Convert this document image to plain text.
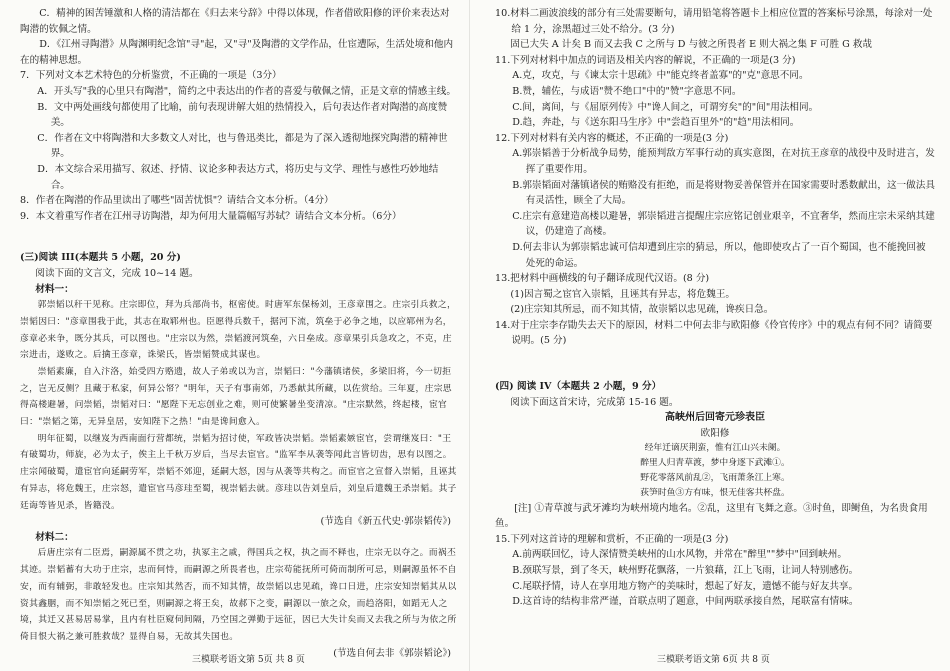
C．精神的困苦锤激和人格的清洁都在《归去来兮辞》中得以体现，作者借欧阳修的评价来表达对陶潜的钦佩之情。

D．《江州寻陶潜》从陶渊明纪念馆"寻"起，又"寻"及陶潜的文学作品，仕宦遭际，生活处境和他内在的精神思想。

7．下列对文本艺术特色的分析鉴赏，不正确的一项是（3分）

A．开头写"我的心里只有陶潜"，简约之中表达出的作者的喜爱与敬佩之情，正是文章的情感主线。

B．文中两处画线句都使用了比喻，前句表现讲解大姐的热情投入，后句表达作者对陶潜的高度赞美。

C．作者在文中将陶潜和大多数文人对比，也与鲁迅类比，都是为了深入透彻地探究陶潜的精神世界。

D．本文综合采用描写、叙述、抒情、议论多种表达方式，将历史与文学、理性与感性巧妙地结合。

8．作者在陶潜的作品里读出了哪些"固苦忧惧"？请结合文本分析。（4分）

9．本文着重写作者在江州寻访陶潜，却为何用大量篇幅写苏轼？请结合文本分析。（6分）

(三)阅读 III(本题共 5 小题，20 分)

阅读下面的文言文，完成 10~14 题。

材料一：

郭崇韬以秆干见称。庄宗即位，拜为兵部尚书，枢密使。时唐军东保杨刘，王彦章围之。庄宗引兵救之，崇韬因曰："彦章围我于此，其志在取郓州也。臣愿得兵数千，据河下流，筑垒于必争之地，以应郓州为名，彦章必来争，既分其兵，可以图也。"庄宗以为然，崇韬渡河筑垒，六日垒成。彦章果引兵急攻之，不克，庄宗进击，遂败之。后擒王彦章，诛梁氏，皆崇韬赞成其谋也。

崇韬素廉，自入汴洛，始受四方赂遗，故人子弟或以为言，崇韬曰："今藩镇诸侯，多梁旧将，今一切拒之，岂无反侧？且藏于私家，何异公帑？"明年，天子有事南郊，乃悉献其所藏，以佐赏给。三年夏，庄宗思得高楼避暑，问崇韬，崇韬对曰："愿陛下无忘创业之难，则可使繁暑坐变清凉。"庄宗默然，终起楼，宦官曰："崇韬之第，无异皇居，安知陛下之热！"由是谗间愈入。

明年征蜀，以继岌为西南面行营都统，崇韬为招讨使，军政皆决崇韬。崇韬素嫉宦官，尝谓继岌曰："王有破蜀功，师旋，必为太子，俟主上千秋万岁后，当尽去宦官。"监军李从袭等闻此言皆切齿，思有以图之。庄宗闻破蜀，遣宦官向延嗣劳军，崇韬不郊迎，延嗣大怒，因与从袭等共构之。而宦官之宣督入崇韬，且诬其有异志，将危魏王，庄宗怒，遣宦官马彦珪至蜀，视崇韬去就。彦珪以告刘皇后，刘皇后遣魏王杀崇韬。其子廷诲等皆见杀，皆籍没。

(节选自《新五代史·郭崇韬传》)

材料二：

后唐庄宗有二臣焉，嗣源属不贯之功，执冢主之戚，得国兵之权，执之而不释也，庄宗无以夺之。而祸丕其迹。崇韬蓄有大功于庄宗，忠而何恃，而嗣源之所畏者也，庄宗苟能抚所可倚而制所可忌，则嗣源虽怀不自安，而有辅弼，非敢轻发也。庄宗知其然否，而不知其情，故崇韬以忠见疏，谗口日进，庄宗安知崇韬其从以资其鑫胭，而不知崇韬之死已至，则嗣源之将王矣，故郝下之变，嗣源以一旅之众，而趋洛阳，如蹈无人之境，其迁又甚易居易掌，且内有杜臣窥伺间隔，乃空国之弹勤于远征，因已大失计矣而又去我之所与为依之所倚目恨大祸之兼可胜救哉？显得自易，无故其失国也。

(节选自何去非《郭崇韬论》)

三模联考语文第 5页 共 8 页

10.材料二画波浪线的部分有三处需要断句，请用铅笔将答题卡上相应位置的答案标号涂黑，每涂对一处给 1 分，涂黑超过三处不给分。(3 分)

固已大失 A 计矣 B 而又去我 C 之所与 D 与彼之所畏者 E 则大祸之集 F 可胜 G 救哉

11.下列对材料中加点的词语及相关内容的解说，不正确的一项是(3 分)

A.克，攻克，与《谏太宗十思疏》中"能克终者盖寡"的"克"意思不同。

B.赞，辅佐，与成语"赞不绝口"中的"赞"字意思不同。

C.间，离间，与《屈原列传》中"谗人间之，可谓穷矣"的"间"用法相同。

D.趋，奔赴，与《送东阳马生序》中"尝趋百里外"的"趋"用法相同。

12.下列对材料有关内容的概述，不正确的一项是(3 分)

A.郭崇韬善于分析战争局势，能预判敌方军事行动的真实意图，在对抗王彦章的战役中及时进言，发挥了重要作用。

B.郭崇韬面对藩镇诸侯的贿赂没有拒绝，而是将财物妥善保管并在国家需要时悉数献出，这一做法具有灵活性，顾全了大局。

C.庄宗有意建造高楼以避暑，郭崇韬进言提醒庄宗应铭记创业艰辛，不宜奢华，然而庄宗未采纳其建议，仍建造了高楼。

D.何去非认为郭崇韬忠诚可信却遭到庄宗的猜忌，所以，他即使攻占了一百个蜀国，也不能挽回被处死的命运。

13.把材料中画横线的句子翻译成现代汉语。(8 分)

(1)因言蜀之宦官入崇韬，且诬其有异志，将危魏王。

(2)庄宗知其所忌，而不知其情，故崇韬以忠见疏，谗疾日急。

14.对于庄宗李存勖失去天下的原因，材料二中何去非与欧阳修《伶官传序》中的观点有何不同？请简要说明。(5 分)

(四) 阅读 IV（本题共 2 小题，9 分）

阅读下面这首宋诗，完成第 15-16 题。

高峡州后回寄元珍表臣

欧阳修

经年迁谪厌荆蛮，惟有江山兴未阑。

醉里人归青草渡，梦中身逐下武滩①。

野花零落风前乱②，飞雨萧条江上寒。

荻笋时鱼③方有味，恨无佳客共杯盘。

[注] ①青草渡与武牙滩均为峡州境内地名。②乱，这里有飞舞之意。③时鱼，即鲥鱼，为名贵食用鱼。

15.下列对这首诗的理解和赏析，不正确的一项是(3 分)

A.前两联回忆，诗人深情赞美峡州的山水风物，并常在"醉里""梦中"回到峡州。

B.颈联写景，到了冬天，峡州野花飘落，一片狼藉，江上飞雨，让词人特别感伤。

C.尾联抒情，诗人在享用地方物产的美味时，想起了好友，遗憾不能与好友共享。

D.这首诗的结构非常严谨，首联点明了题意，中间两联承接自然，尾联富有情味。

三模联考语文第 6页 共 8 页
